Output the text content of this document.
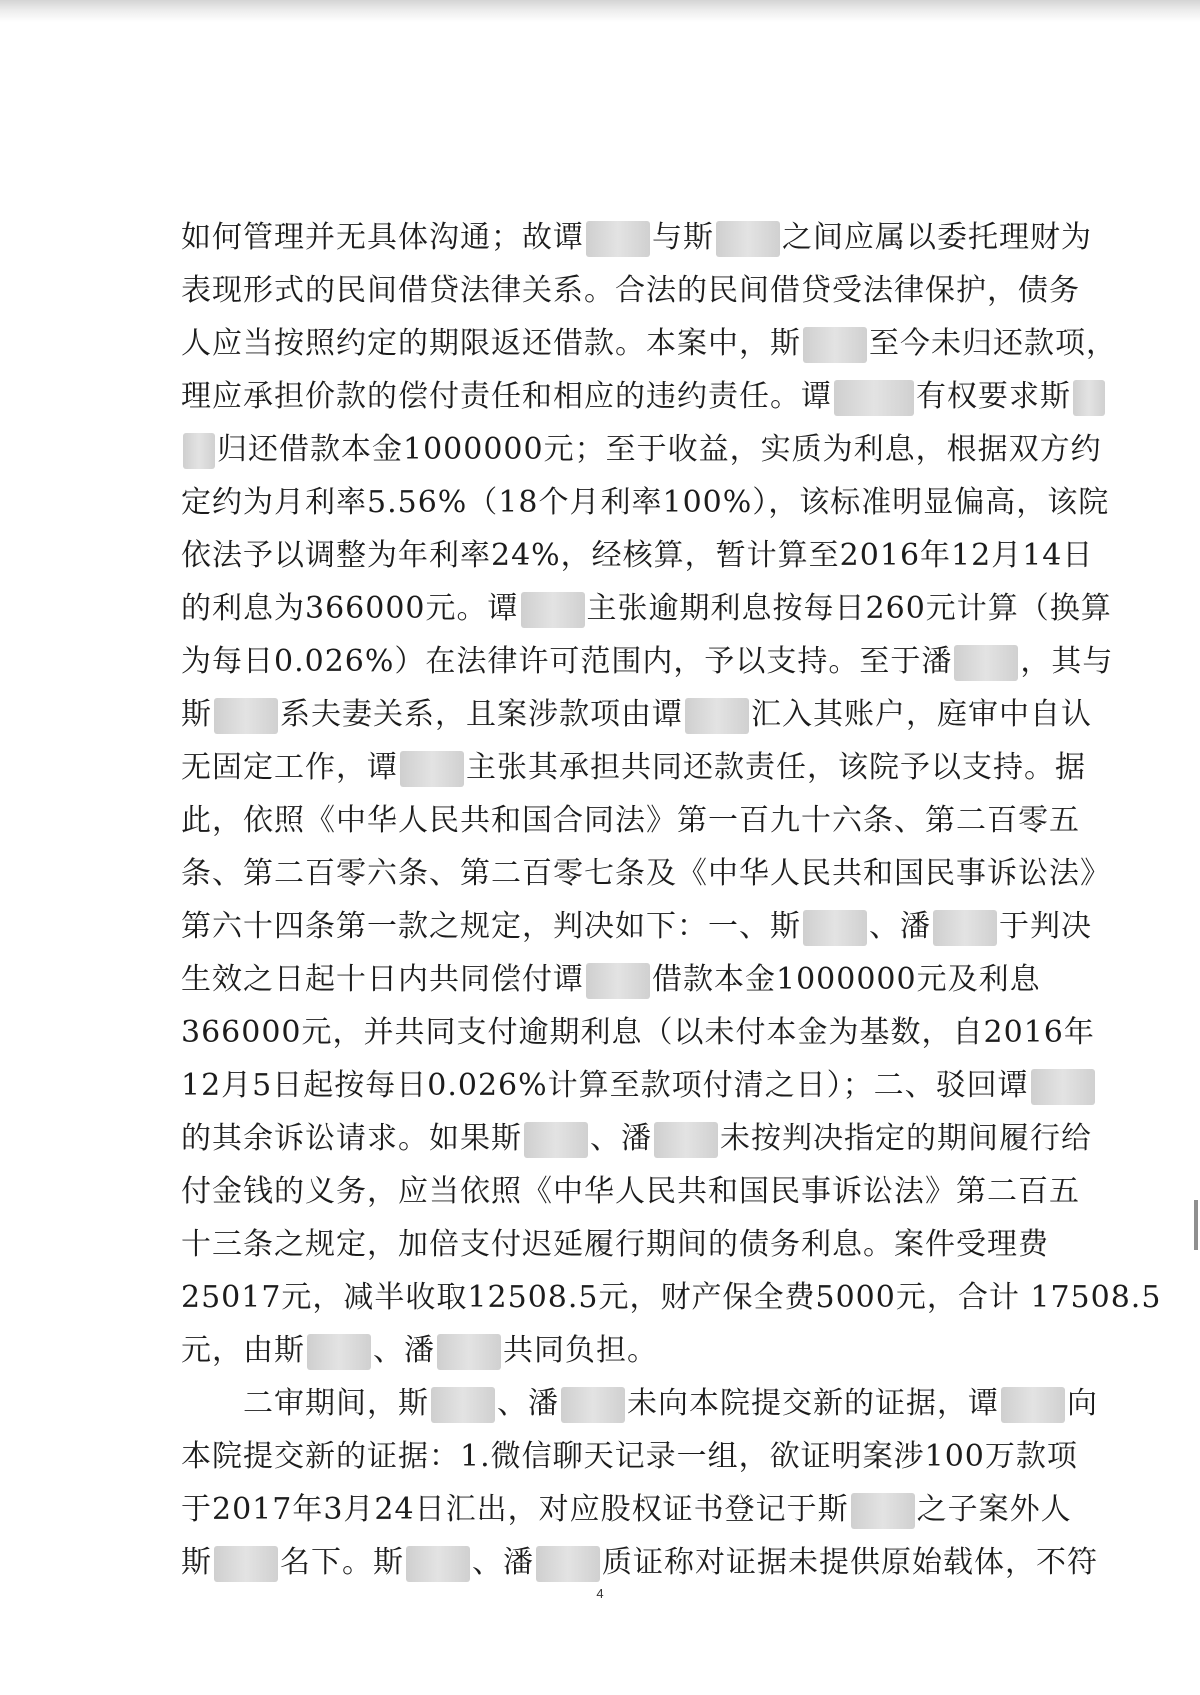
如何管理并无具体沟通；故谭 与斯 之间应属以委托理财为
表现形式的民间借贷法律关系。合法的民间借贷受法律保护，债务
人应当按照约定的期限返还借款。本案中，斯 至今未归还款项，
理应承担价款的偿付责任和相应的违约责任。谭	有权要求斯
归还借款本金1000000元；至于收益，实质为利息，根据双方约
定约为月利率5.56%（18个月利率100%），该标准明显偏高，该院
依法予以调整为年利率24%，经核算，暂计算至2016年12月14日
的利息为366000元。谭 主张逾期利息按每日260元计算（换算
为每日0.026%）在法律许可范围内，予以支持。至于潘 ，其与
斯 系夫妻关系，且案涉款项由谭 汇入其账户，庭审中自认
无固定工作，谭 主张其承担共同还款责任，该院予以支持。据
此，依照《中华人民共和国合同法》第一百九十六条、第二百零五
条、第二百零六条、第二百零七条及《中华人民共和国民事诉讼法》
第六十四条第一款之规定，判决如下：一、斯 、潘 于判决
生效之日起十日内共同偿付谭 借款本金1000000元及利息
366000元，并共同支付逾期利息（以未付本金为基数，自2016年
12月5日起按每日0.026%计算至款项付清之日）；二、驳回谭
的其余诉讼请求。如果斯 、潘 未按判决指定的期间履行给
付金钱的义务，应当依照《中华人民共和国民事诉讼法》第二百五
十三条之规定，加倍支付迟延履行期间的债务利息。案件受理费
25017元，减半收取12508.5元，财产保全费5000元，合计 17508.5
元，由斯 、潘 共同负担。
二审期间，斯 、潘 未向本院提交新的证据，谭 向
本院提交新的证据：1.微信聊天记录一组，欲证明案涉100万款项
于2017年3月24日汇出，对应股权证书登记于斯 之子案外人
斯 名下。斯 、潘 质证称对证据未提供原始载体，不符
4
